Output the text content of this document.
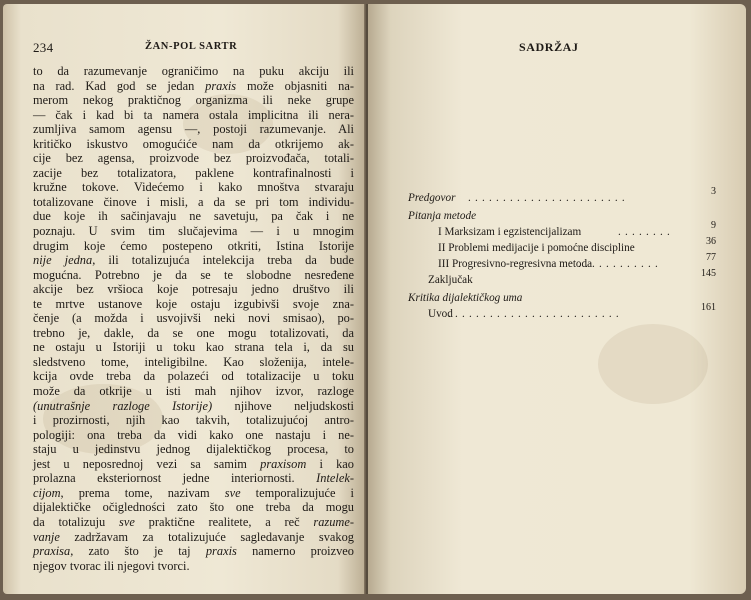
234	ŽAN-POL SARTR
to da razumevanje ograničimo na puku akciju ili
na rad. Kad god se jedan praxis može objasniti na-
merom nekog praktičnog organizma ili neke grupe
— čak i kad bi ta namera ostala implicitna ili nera-
zumljiva samom agensu —, postoji razumevanje. Ali
kritičko iskustvo omogućiće nam da otkrijemo ak-
cije bez agensa, proizvode bez proizvođača, totali-
zacije bez totalizatora, paklene kontrafinalnosti i
kružne tokove. Videćemo i kako mnoštva stvaraju
totalizovane činove i misli, a da se pri tom individu-
due koje ih sačinjavaju ne savetuju, pa čak i ne
poznaju. U svim tim slučajevima — i u mnogim
drugim koje ćemo postepeno otkriti, Istina Istorije
nije jedna, ili totalizujuća intelekcija treba da bude
mogućna. Potrebno je da se te slobodne nesređene
akcije bez vršioca koje potresaju jedno društvo ili
te mrtve ustanove koje ostaju izgubivši svoje zna-
čenje (a možda i usvojivši neki novi smisao), po-
trebno je, dakle, da se one mogu totalizovati, da
ne ostaju u Istoriji u toku kao strana tela i, da su
sledstveno tome, inteligibilne. Kao složenija, intele-
kcija ovde treba da polazeći od totalizacije u toku
može da otkrije u isti mah njihov izvor, razloge
(unutrašnje razloge Istorije) njihove neljudskosti
i prozirnosti, njih kao takvih, totalizujućoj antro-
pologiji: ona treba da vidi kako one nastaju i ne-
staju u jedinstvu jednog dijalektičkog procesa, to
jest u neposrednoj vezi sa samim praxisom i kao
prolazna eksteriornost jedne interiornosti. Intelek-
cijom, prema tome, nazivam sve temporalizujuće i
dijalektičke očigledności zato što one treba da mogu
da totalizuju sve praktične realitete, a reč razume-
vanje zadržavam za totalizujuće sagledavanje svakog
praxisa, zato što je taj praxis namerno proizveo
njegov tvorac ili njegovi tvorci.
SADRŽAJ
Predgovor .......................
3
Pitanja metode
I Marksizam i egzistencijalizam	........
9
II Problemi medijacije i pomoćne discipline
36
III Progresivno-regresivna metoda
............
77
Zaključak
145
Kritika dijalektičkog uma
Uvod
.........................
161
